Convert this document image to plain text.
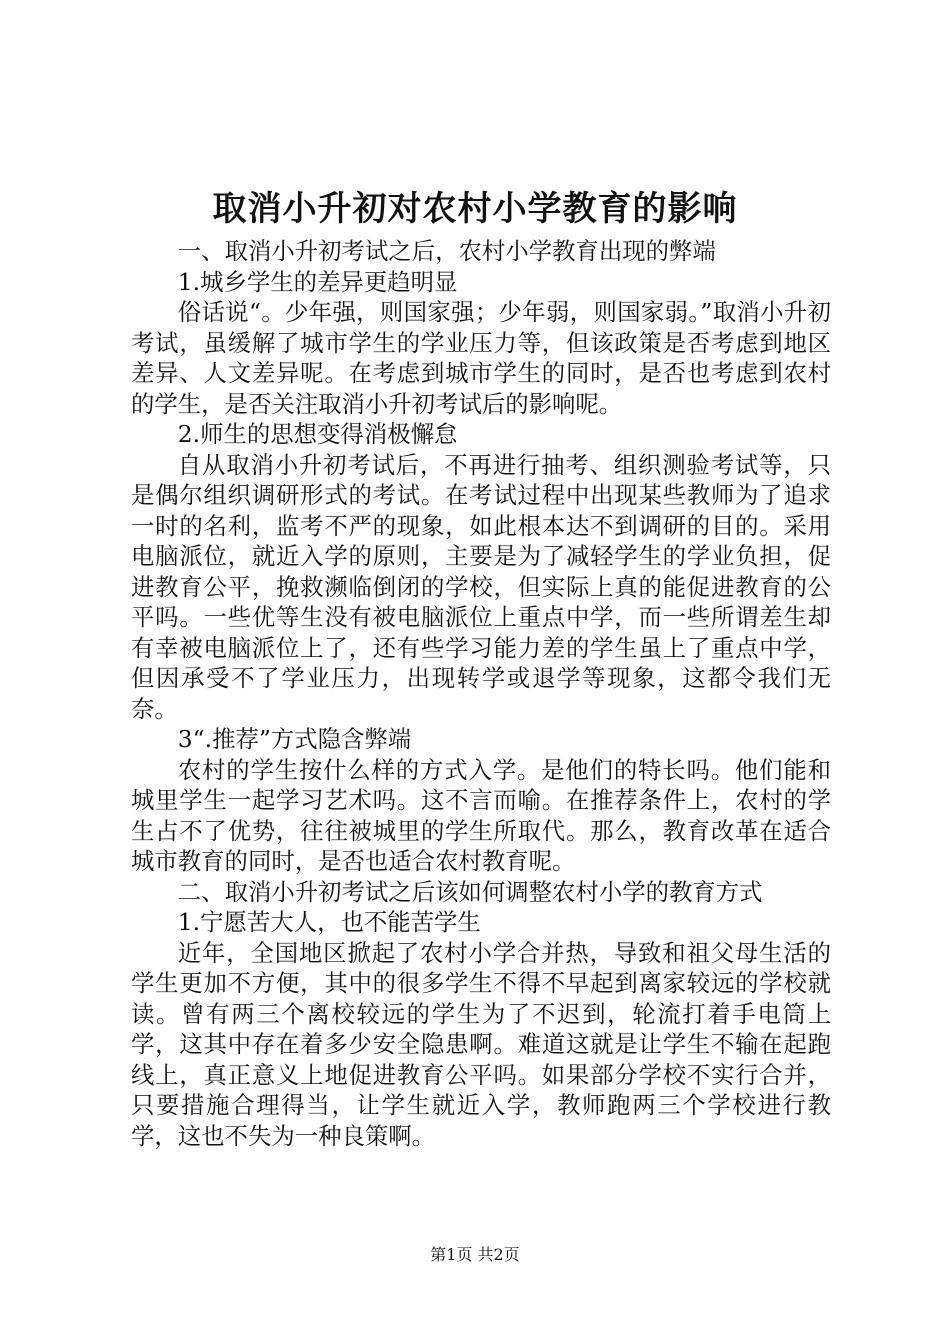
取消小升初对农村小学教育的影响

一、取消小升初考试之后，农村小学教育出现的弊端

1.城乡学生的差异更趋明显

俗话说“。少年强，则国家强；少年弱，则国家弱。”取消小升初考试，虽缓解了城市学生的学业压力等，但该政策是否考虑到地区差异、人文差异呢。在考虑到城市学生的同时，是否也考虑到农村的学生，是否关注取消小升初考试后的影响呢。

2.师生的思想变得消极懈怠

自从取消小升初考试后，不再进行抽考、组织测验考试等，只是偶尔组织调研形式的考试。在考试过程中出现某些教师为了追求一时的名利，监考不严的现象，如此根本达不到调研的目的。采用电脑派位，就近入学的原则，主要是为了减轻学生的学业负担，促进教育公平，挽救濒临倒闭的学校，但实际上真的能促进教育的公平吗。一些优等生没有被电脑派位上重点中学，而一些所谓差生却有幸被电脑派位上了，还有些学习能力差的学生虽上了重点中学，但因承受不了学业压力，出现转学或退学等现象，这都令我们无奈。

3“.推荐”方式隐含弊端

农村的学生按什么样的方式入学。是他们的特长吗。他们能和城里学生一起学习艺术吗。这不言而喻。在推荐条件上，农村的学生占不了优势，往往被城里的学生所取代。那么，教育改革在适合城市教育的同时，是否也适合农村教育呢。

二、取消小升初考试之后该如何调整农村小学的教育方式

1.宁愿苦大人，也不能苦学生

近年，全国地区掀起了农村小学合并热，导致和祖父母生活的学生更加不方便，其中的很多学生不得不早起到离家较远的学校就读。曾有两三个离校较远的学生为了不迟到，轮流打着手电筒上学，这其中存在着多少安全隐患啊。难道这就是让学生不输在起跑线上，真正意义上地促进教育公平吗。如果部分学校不实行合并，只要措施合理得当，让学生就近入学，教师跑两三个学校进行教学，这也不失为一种良策啊。

第1页 共2页
